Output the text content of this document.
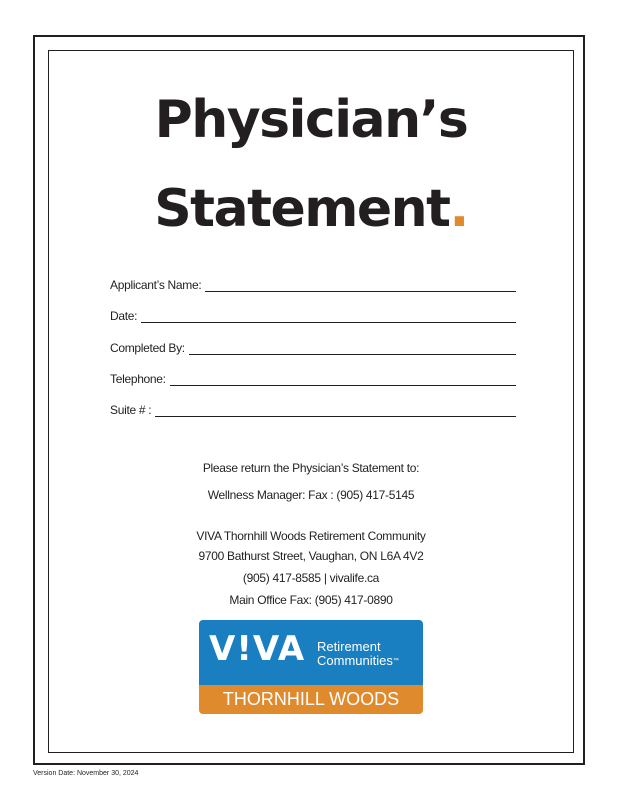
Physician’s
Statement.
Applicant’s Name:
Date:
Completed By:
Telephone:
Suite # :
Please return the Physician’s Statement to:
Wellness Manager: Fax : (905) 417-5145
VIVA Thornhill Woods Retirement Community
9700 Bathurst Street, Vaughan, ON L6A 4V2
(905) 417-8585 | vivalife.ca
Main Office Fax: (905) 417-0890
V!VA Retirement
Communities™
THORNHILL WOODS
Version Date: November 30, 2024
